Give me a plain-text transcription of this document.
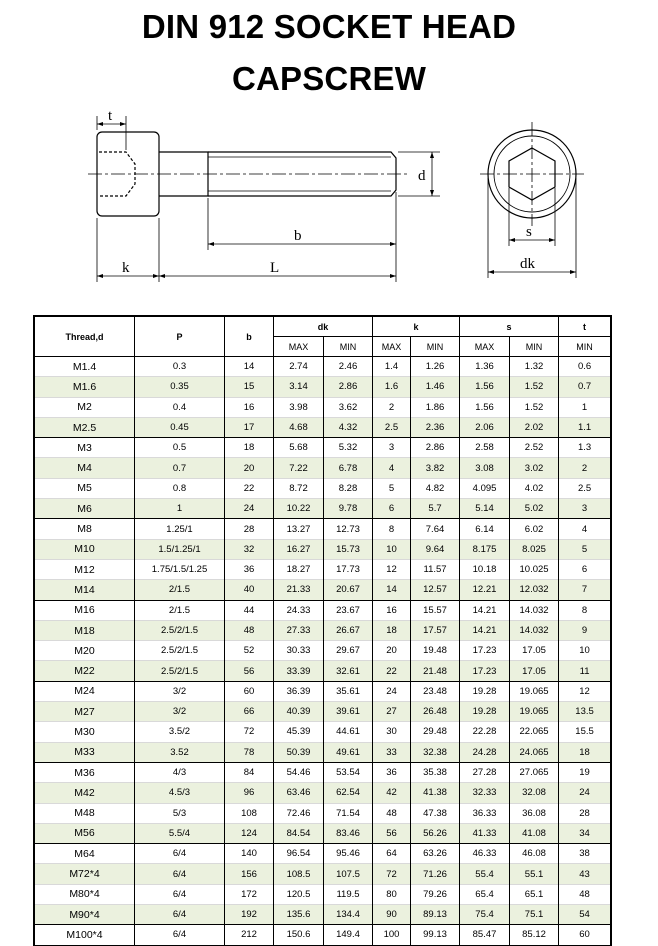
DIN 912 SOCKET HEAD
CAPSCREW
t
d
b
k	L
s
dk
Thread,d	P	b	dk		k		s		t
			MAX	MIN	MAX	MIN	MAX	MIN	MIN
M1.4	0.3	14	2.74	2.46	1.4	1.26	1.36	1.32	0.6
M1.6	0.35	15	3.14	2.86	1.6	1.46	1.56	1.52	0.7
M2	0.4	16	3.98	3.62	2	1.86	1.56	1.52	1
M2.5	0.45	17	4.68	4.32	2.5	2.36	2.06	2.02	1.1
M3	0.5	18	5.68	5.32	3	2.86	2.58	2.52	1.3
M4	0.7	20	7.22	6.78	4	3.82	3.08	3.02	2
M5	0.8	22	8.72	8.28	5	4.82	4.095	4.02	2.5
M6	1	24	10.22	9.78	6	5.7	5.14	5.02	3
M8	1.25/1	28	13.27	12.73	8	7.64	6.14	6.02	4
M10	1.5/1.25/1	32	16.27	15.73	10	9.64	8.175	8.025	5
M12	1.75/1.5/1.25	36	18.27	17.73	12	11.57	10.18	10.025	6
M14	2/1.5	40	21.33	20.67	14	12.57	12.21	12.032	7
M16	2/1.5	44	24.33	23.67	16	15.57	14.21	14.032	8
M18	2.5/2/1.5	48	27.33	26.67	18	17.57	14.21	14.032	9
M20	2.5/2/1.5	52	30.33	29.67	20	19.48	17.23	17.05	10
M22	2.5/2/1.5	56	33.39	32.61	22	21.48	17.23	17.05	11
M24	3/2	60	36.39	35.61	24	23.48	19.28	19.065	12
M27	3/2	66	40.39	39.61	27	26.48	19.28	19.065	13.5
M30	3.5/2	72	45.39	44.61	30	29.48	22.28	22.065	15.5
M33	3.52	78	50.39	49.61	33	32.38	24.28	24.065	18
M36	4/3	84	54.46	53.54	36	35.38	27.28	27.065	19
M42	4.5/3	96	63.46	62.54	42	41.38	32.33	32.08	24
M48	5/3	108	72.46	71.54	48	47.38	36.33	36.08	28
M56	5.5/4	124	84.54	83.46	56	56.26	41.33	41.08	34
M64	6/4	140	96.54	95.46	64	63.26	46.33	46.08	38
M72*4	6/4	156	108.5	107.5	72	71.26	55.4	55.1	43
M80*4	6/4	172	120.5	119.5	80	79.26	65.4	65.1	48
M90*4	6/4	192	135.6	134.4	90	89.13	75.4	75.1	54
M100*4	6/4	212	150.6	149.4	100	99.13	85.47	85.12	60
